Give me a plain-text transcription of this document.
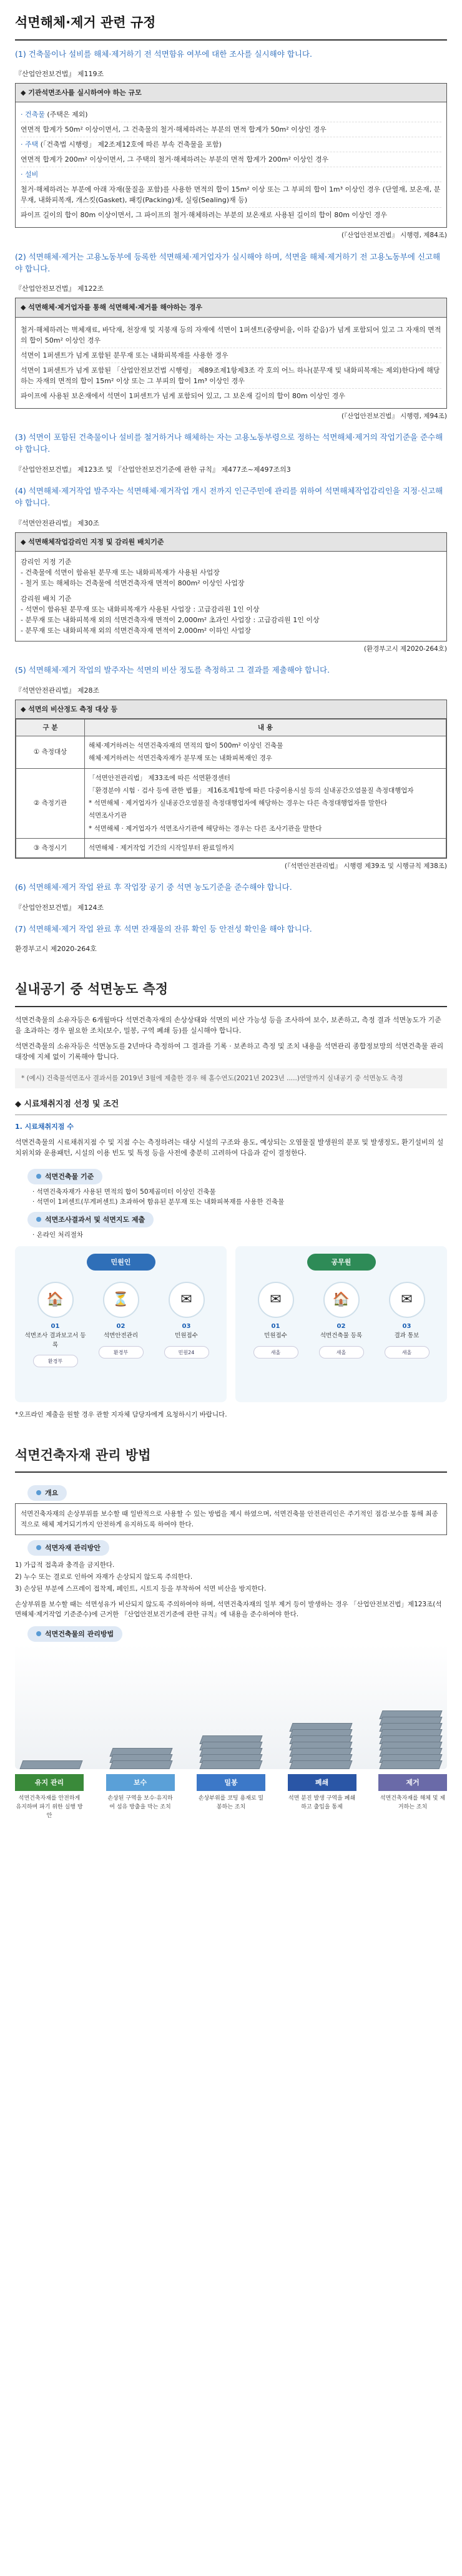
석면해체·제거 관련 규정
(1) 건축물이나 설비를 해체·제거하기 전 석면함유 여부에 대한 조사를 실시해야 합니다.
『산업안전보건법』 제119조
◆ 기관석면조사를 실시하여야 하는 규모
· 건축물 (주택은 제외)
연면적 합계가 50m² 이상이면서, 그 건축물의 철거·해체하려는 부분의 면적 합계가 50m² 이상인 경우
· 주택 (「건축법 시행령」 제2조제12호에 따른 부속 건축물을 포함)
연면적 합계가 200m² 이상이면서, 그 주택의 철거·해체하려는 부분의 면적 합계가 200m² 이상인 경우
· 설비
철거·해체하려는 부분에 아래 자재(물질을 포함)를 사용한 면적의 합이 15m² 이상 또는 그 부피의 합이 1m³ 이상인 경우 (단열재, 보온재, 분무재, 내화피복재, 개스킷(Gasket), 패킹(Packing)재, 실링(Sealing)재 등)
파이프 길이의 합이 80m 이상이면서, 그 파이프의 철거·해체하려는 부분의 보온재로 사용된 길이의 합이 80m 이상인 경우
(『산업안전보건법』 시행령, 제84조)
(2) 석면해체·제거는 고용노동부에 등록한 석면해체·제거업자가 실시해야 하며, 석면을 해체·제거하기 전 고용노동부에 신고해야 합니다.
『산업안전보건법』 제122조
◆ 석면해체·제거업자를 통해 석면해체·제거를 해야하는 경우
철거·해체하려는 벽체재료, 바닥재, 천장재 및 지붕재 등의 자재에 석면이 1퍼센트(중량비율, 이하 같음)가 넘게 포함되어 있고 그 자재의 면적의 합이 50m² 이상인 경우
석면이 1퍼센트가 넘게 포함된 분무재 또는 내화피복재를 사용한 경우
석면이 1퍼센트가 넘게 포함된 「산업안전보건법 시행령」 제89조제1항제3조 각 호의 어느 하나(분무재 및 내화피복재는 제외)한다)에 해당하는 자재의 면적의 합이 15m² 이상 또는 그 부피의 합이 1m³ 이상인 경우
파이프에 사용된 보온재에서 석면이 1퍼센트가 넘게 포함되어 있고, 그 보온재 길이의 합이 80m 이상인 경우
(『산업안전보건법』 시행령, 제94조)
(3) 석면이 포함된 건축물이나 설비를 철거하거나 해체하는 자는 고용노동부령으로 정하는 석면해체·제거의 작업기준을 준수해야 합니다.
『산업안전보건법』 제123조 및 『산업안전보건기준에 관한 규칙』 제477조~제497조의3
(4) 석면해체·제거작업 발주자는 석면해체·제거작업 개시 전까지 인근주민에 관리를 위하여 석면해체작업감리인을 지정·신고해야 합니다.
『석면안전관리법』 제30조
◆ 석면해체작업감리인 지정 및 감리원 배치기준
감리인 지정 기준
- 건축물에 석면이 함유된 분무재 또는 내화피복재가 사용된 사업장
- 철거 또는 해체하는 건축물에 석면건축자재 면적이 800m² 이상인 사업장
감리원 배치 기준
- 석면이 함유된 분무재 또는 내화피복재가 사용된 사업장 : 고급감리원 1인 이상
- 분무재 또는 내화피복재 외의 석면건축자재 면적이 2,000m² 초과인 사업장 : 고급감리원 1인 이상
- 분무재 또는 내화피복재 외의 석면건축자재 면적이 2,000m² 이하인 사업장
(환경부고시 제2020-264호)
(5) 석면해체·제거 작업의 발주자는 석면의 비산 정도를 측정하고 그 결과를 제출해야 합니다.
『석면안전관리법』 제28조
◆ 석면의 비산정도 측정 대상 등
구 분	내 용
① 측정대상	해체·제거하려는 석면건축자재의 면적의 합이 500m² 이상인 건축물
해체·제거하려는 석면건축자재가 분무재 또는 내화피복재인 경우

② 측정기관	「석면안전관리법」 제33조에 따른 석면환경센터
「환경분야 시험 · 검사 등에 관한 법률」 제16조제1항에 따른 다중이용시설 등의 실내공간오염물질 측정대행업자
* 석면해체 · 제거업자가 실내공간오염물질 측정대행업자에 해당하는 경우는 다른 측정대행업자를 말한다
석면조사기관
* 석면해체 · 제거업자가 석면조사기관에 해당하는 경우는 다른 조사기관을 말한다

③ 측정시기	석면해체 · 제거작업 기간의 시작일부터 완료일까지
(『석면안전관리법』 시행령 제39조 및 시행규칙 제38조)
(6) 석면해체·제거 작업 완료 후 작업장 공기 중 석면 농도기준을 준수해야 합니다.
『산업안전보건법』 제124조
(7) 석면해체·제거 작업 완료 후 석면 잔재물의 잔류 확인 등 안전성 확인을 해야 합니다.
환경부고시 제2020-264호
실내공기 중 석면농도 측정

석면건축물의 소유자등은 6개월마다 석면건축자재의 손상상태와 석면의 비산 가능성 등을 조사하여 보수, 보존하고, 측정 결과 석면농도가 기준을 초과하는 경우 필요한 조치(보수, 밀봉, 구역 폐쇄 등)를 실시해야 합니다.

석면건축물의 소유자등은 석면농도를 2년마다 측정하여 그 결과를 기록 · 보존하고 측정 및 조치 내용을 석면관리 종합정보망의 석면건축물 관리대장에 지체 없이 기록해야 합니다.

* (예시) 건축물석면조사 결과서를 2019년 3월에 제출한 경우 해 홀수연도(2021년 2023년 .....)연말까지 실내공기 중 석면농도 측정
◆ 시료채취지점 선정 및 조건
1. 시료채취지점 수

석면건축물의 시료채취지점 수 및 지점 수는 측정하려는 대상 시설의 구조와 용도, 예상되는 오염물질 발생원의 분포 및 발생정도, 환기설비의 설치위치와 운용패턴, 시설의 이용 빈도 및 특정 등을 사전에 충분히 고려하여 다음과 같이 결정한다.

석면건축물 기준
· 석면건축자재가 사용된 면적의 합이 50제곱미터 이상인 건축물
· 석면이 1퍼센트(무게퍼센트) 초과하여 함유된 분무재 또는 내화피복재를 사용한 건축물
석면조사결과서 및 석면지도 제출
· 온라인 처리절차
민원인
🏠
01
석면조사 결과보고서 등록
환경부
⏳
02
석면안전관리
환경부
✉
03
민원접수
민원24
공무원
✉
01
민원접수
새올
🏠
02
석면건축물 등록
새올
✉
03
결과 통보
새올
*오프라인 제출을 원할 경우 관할 지자체 담당자에게 요청하시기 바랍니다.
석면건축자재 관리 방법
개요
석면건축자재의 손상부위를 보수할 때 일반적으로 사용할 수 있는 방법을 제시 하였으며, 석면건축물 안전관리인은 주기적인 점검·보수를 통해 최종적으로 해체 제거되기까지 안전하게 유지하도록 하여야 한다.
석면자재 관리방안

1) 가급적 접촉과 충격을 금지한다.

2) 누수 또는 결로로 인하여 자재가 손상되지 않도록 주의한다.

3) 손상된 부분에 스프레이 접착제, 페인트, 시트지 등을 부착하여 석면 비산을 방지한다.

손상부위를 보수할 때는 석면성유가 비산되지 않도록 주의하여야 하며, 석면건축자재의 일부 제거 등이 발생하는 경우 「산업안전보건법」제123조(석면해체·제거작업 기준준수)에 근거한 『산업안전보건기준에 관한 규칙』에 내용을 준수하여야 한다.

석면건축물의 관리방법
유지 관리	보수	밀봉	폐쇄	제거
석면건축자재를 안전하게 유지하며 파기 위한 실행 방안
손상된 구역을 보수·유지하여 섬유 방출을 막는 조치
손상부위를 코팅 용재로 밀봉하는 조치
석면 분진 발생 구역을 폐쇄하고 출입을 통제
석면건축자재를 해체 및 제거하는 조치
